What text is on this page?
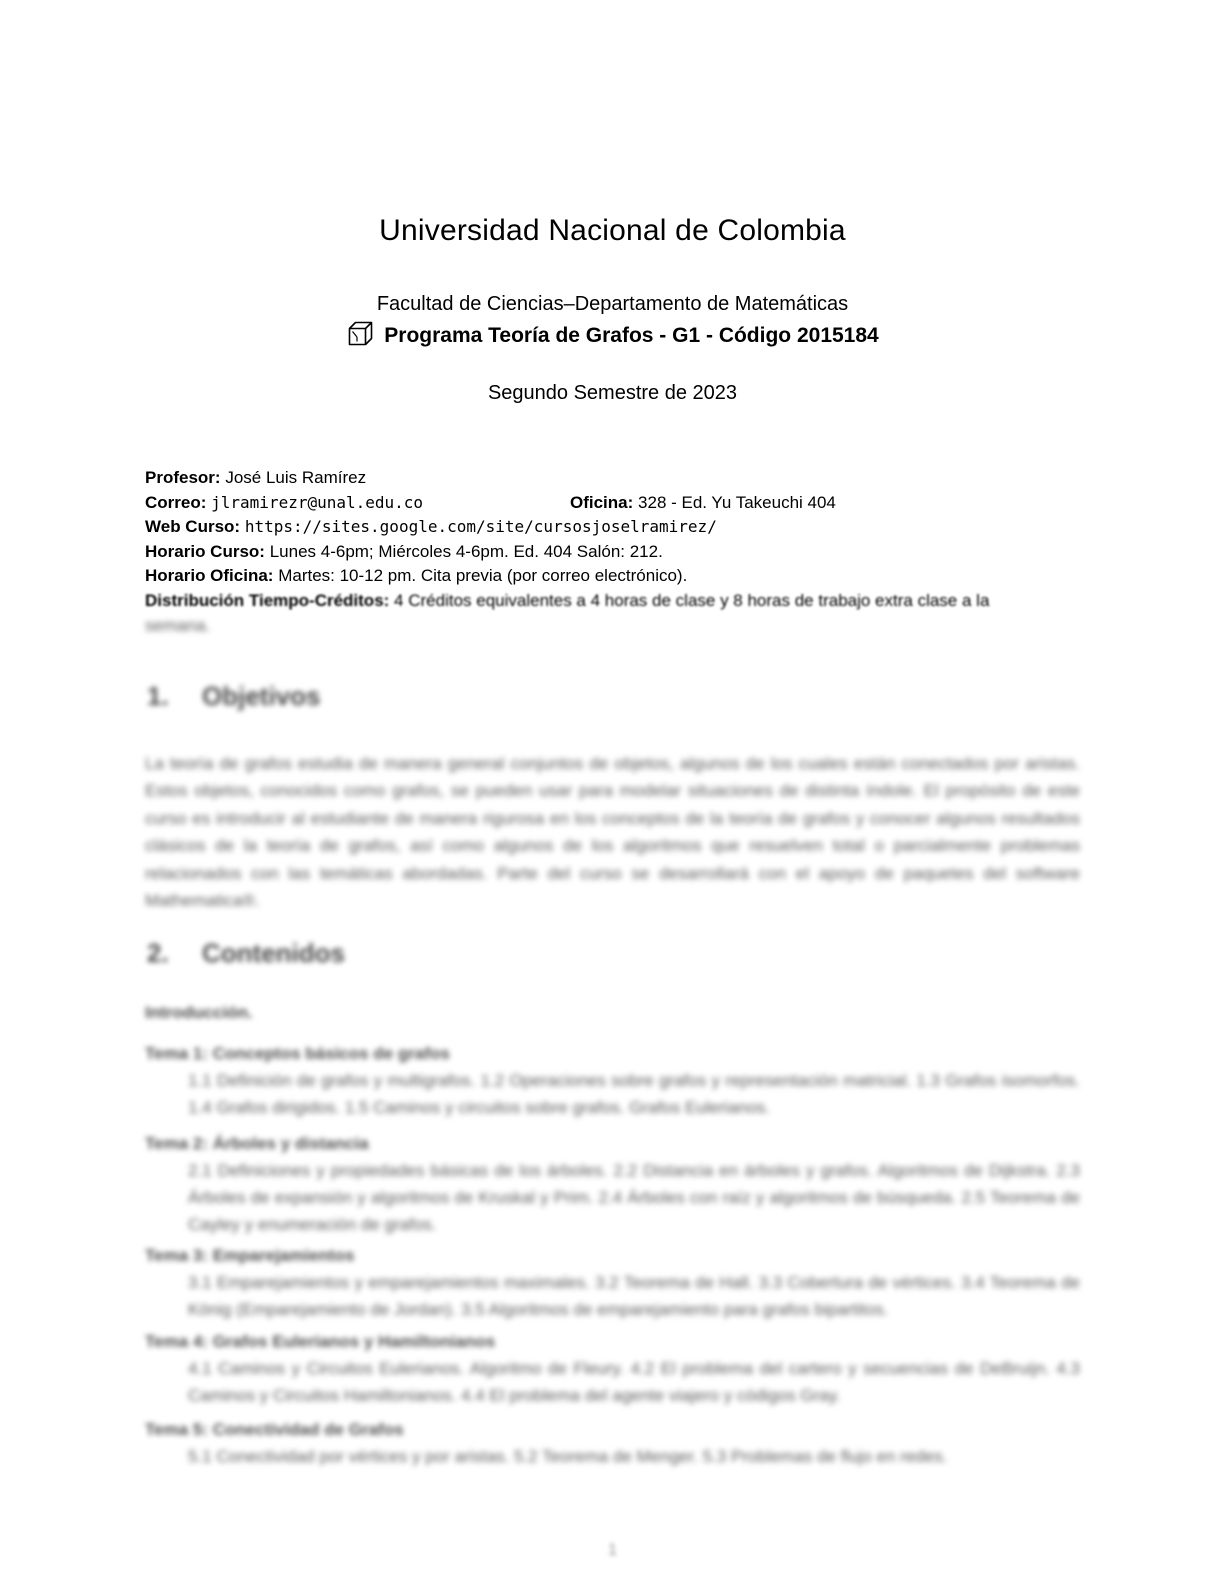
Universidad Nacional de Colombia
Facultad de Ciencias–Departamento de Matemáticas
Programa Teoría de Grafos - G1 - Código 2015184
Segundo Semestre de 2023
Profesor: José Luis Ramírez
Correo: jlramirezr@unal.edu.co	Oficina: 328 - Ed. Yu Takeuchi 404
Web Curso: https://sites.google.com/site/cursosjoselramirez/
Horario Curso: Lunes 4-6pm; Miércoles 4-6pm. Ed. 404 Salón: 212.
Horario Oficina: Martes: 10-12 pm. Cita previa (por correo electrónico).
Distribución Tiempo-Créditos: 4 Créditos equivalentes a 4 horas de clase y 8 horas de trabajo extra clase a la
semana.
1. Objetivos
La teoría de grafos estudia de manera general conjuntos de objetos, algunos de los cuales están conectados por aristas. Estos objetos, conocidos como grafos, se pueden usar para modelar situaciones de distinta índole. El propósito de este curso es introducir al estudiante de manera rigurosa en los conceptos de la teoría de grafos y conocer algunos resultados clásicos de la teoría de grafos, así como algunos de los algoritmos que resuelven total o parcialmente problemas relacionados con las temáticas abordadas. Parte del curso se desarrollará con el apoyo de paquetes del software Mathematica®.
2. Contenidos
Introducción.
Tema 1: Conceptos básicos de grafos
1.1 Definición de grafos y multigrafos. 1.2 Operaciones sobre grafos y representación matricial. 1.3 Grafos isomorfos. 1.4 Grafos dirigidos. 1.5 Caminos y circuitos sobre grafos. Grafos Eulerianos.
Tema 2: Árboles y distancia
2.1 Definiciones y propiedades básicas de los árboles. 2.2 Distancia en árboles y grafos. Algoritmos de Dijkstra. 2.3 Árboles de expansión y algoritmos de Kruskal y Prim. 2.4 Árboles con raíz y algoritmos de búsqueda. 2.5 Teorema de Cayley y enumeración de grafos.
Tema 3: Emparejamientos
3.1 Emparejamientos y emparejamientos maximales. 3.2 Teorema de Hall. 3.3 Cobertura de vértices. 3.4 Teorema de König (Emparejamiento de Jordan). 3.5 Algoritmos de emparejamiento para grafos bipartitos.
Tema 4: Grafos Eulerianos y Hamiltonianos
4.1 Caminos y Circuitos Eulerianos. Algoritmo de Fleury. 4.2 El problema del cartero y secuencias de DeBruijn. 4.3 Caminos y Circuitos Hamiltonianos. 4.4 El problema del agente viajero y códigos Gray.
Tema 5: Conectividad de Grafos
5.1 Conectividad por vértices y por aristas. 5.2 Teorema de Menger. 5.3 Problemas de flujo en redes.
1
